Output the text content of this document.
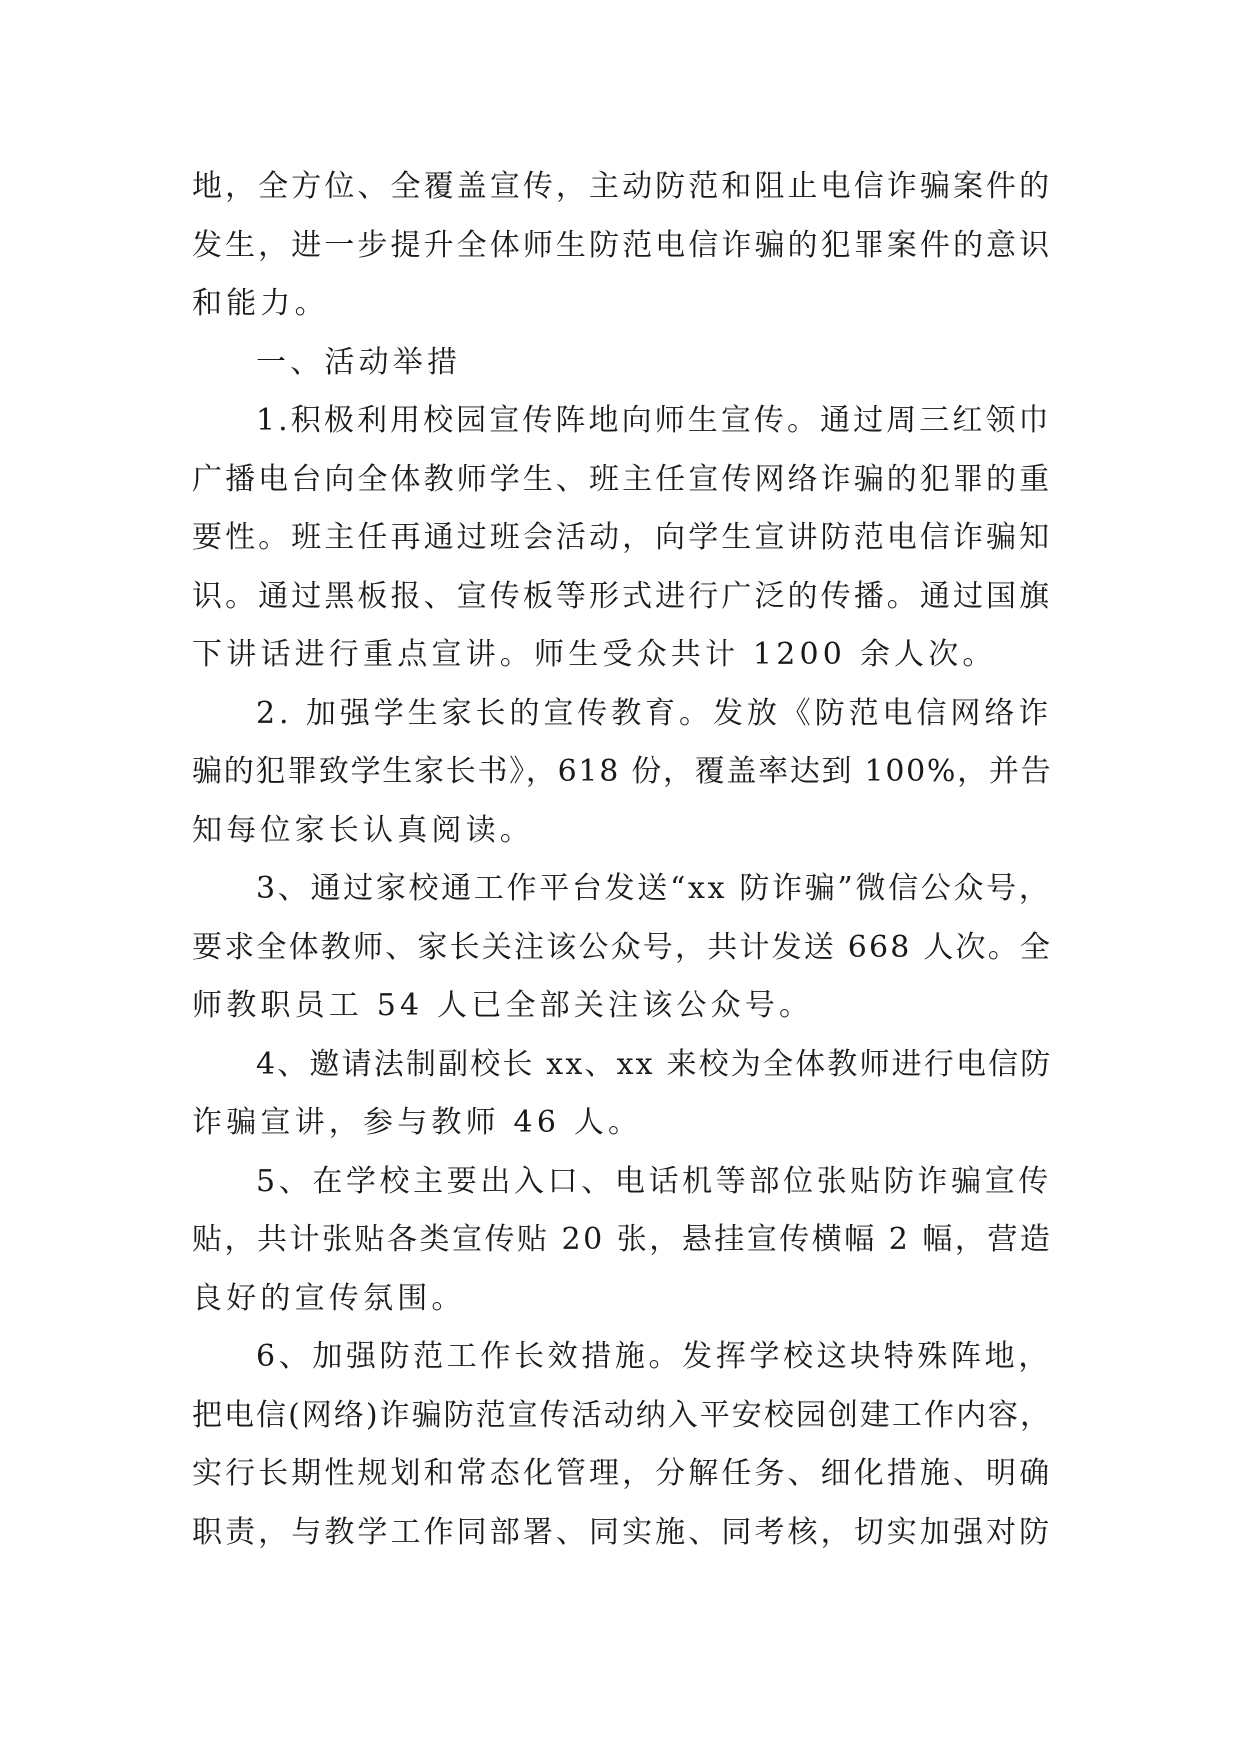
地，全方位、全覆盖宣传，主动防范和阻止电信诈骗案件的
发生，进一步提升全体师生防范电信诈骗的犯罪案件的意识
和能力。
一、活动举措
1.积极利用校园宣传阵地向师生宣传。通过周三红领巾
广播电台向全体教师学生、班主任宣传网络诈骗的犯罪的重
要性。班主任再通过班会活动，向学生宣讲防范电信诈骗知
识。通过黑板报、宣传板等形式进行广泛的传播。通过国旗
下讲话进行重点宣讲。师生受众共计 1200 余人次。
2. 加强学生家长的宣传教育。发放《防范电信网络诈
骗的犯罪致学生家长书》，618 份，覆盖率达到 100%，并告
知每位家长认真阅读。
3、通过家校通工作平台发送“xx 防诈骗”微信公众号，
要求全体教师、家长关注该公众号，共计发送 668 人次。全
师教职员工 54 人已全部关注该公众号。
4、邀请法制副校长 xx、xx 来校为全体教师进行电信防
诈骗宣讲，参与教师 46 人。
5、在学校主要出入口、电话机等部位张贴防诈骗宣传
贴，共计张贴各类宣传贴 20 张，悬挂宣传横幅 2 幅，营造
良好的宣传氛围。
6、加强防范工作长效措施。发挥学校这块特殊阵地，
把电信(网络)诈骗防范宣传活动纳入平安校园创建工作内容，
实行长期性规划和常态化管理，分解任务、细化措施、明确
职责，与教学工作同部署、同实施、同考核，切实加强对防
